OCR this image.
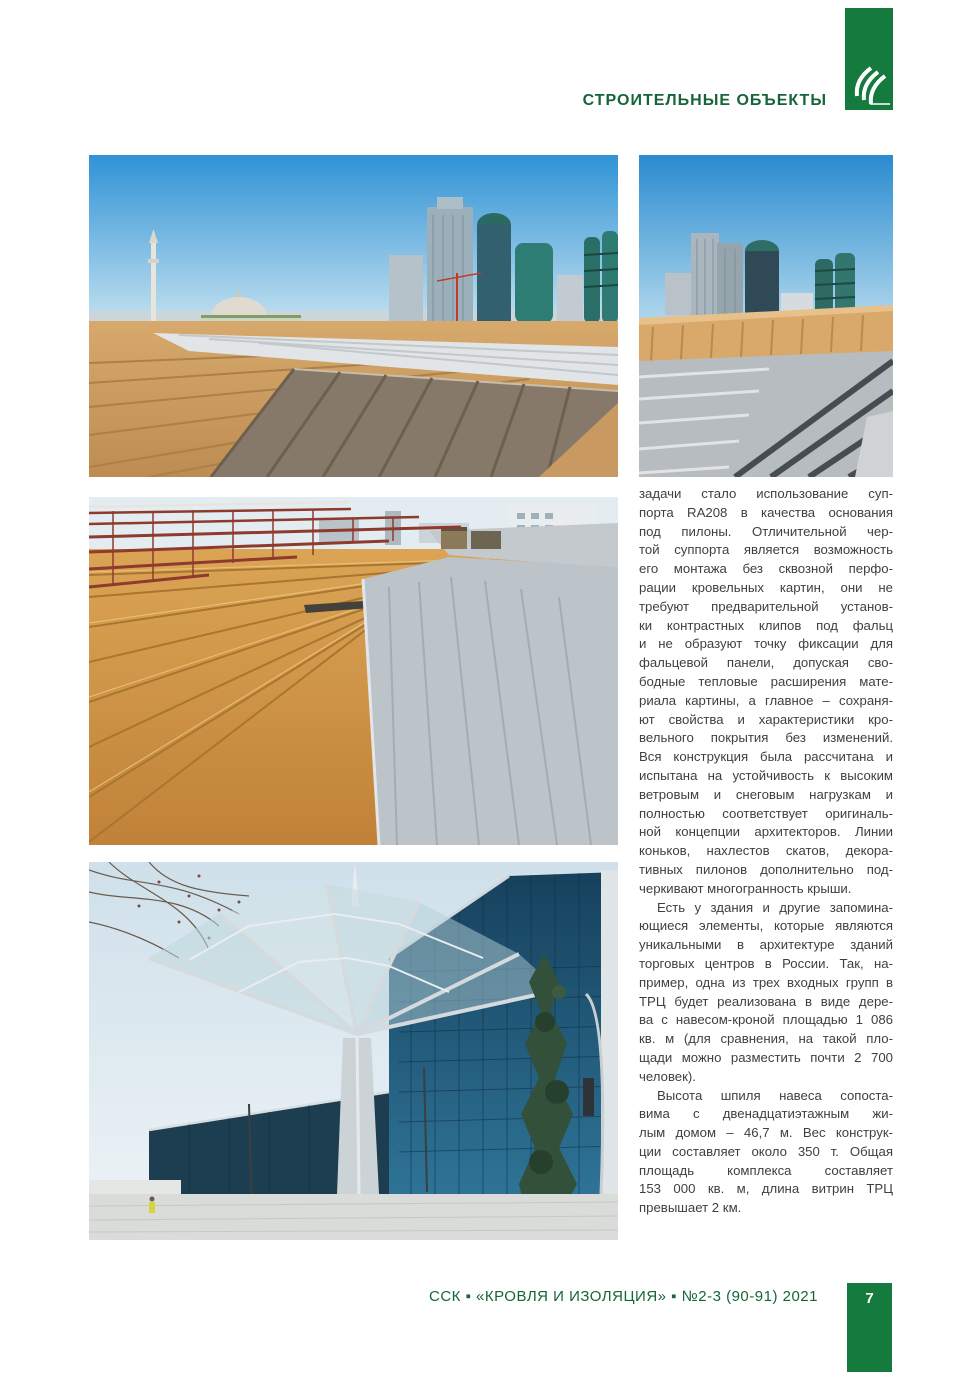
СТРОИТЕЛЬНЫЕ ОБЪЕКТЫ
задачи стало использование суп-
порта RA208 в качества основания
под пилоны. Отличительной чер-
той суппорта является возможность
его монтажа без сквозной перфо-
рации кровельных картин, они не
требуют предварительной установ-
ки контрастных клипов под фальц
и не образуют точку фиксации для
фальцевой панели, допуская сво-
бодные тепловые расширения мате-
риала картины, а главное – сохраня-
ют свойства и характеристики кро-
вельного покрытия без изменений.
Вся конструкция была рассчитана и
испытана на устойчивость к высоким
ветровым и снеговым нагрузкам и
полностью соответствует оригиналь-
ной концепции архитекторов. Линии
коньков, нахлестов скатов, декора-
тивных пилонов дополнительно под-
черкивают многогранность крыши.
Есть у здания и другие запомина-
ющиеся элементы, которые являются
уникальными в архитектуре зданий
торговых центров в России. Так, на-
пример, одна из трех входных групп в
ТРЦ будет реализована в виде дере-
ва с навесом-кроной площадью 1 086
кв. м (для сравнения, на такой пло-
щади можно разместить почти 2 700
человек).
Высота шпиля навеса сопоста-
вима с двенадцатиэтажным жи-
лым домом – 46,7 м. Вес конструк-
ции составляет около 350 т. Общая
площадь комплекса составляет
153 000 кв. м, длина витрин ТРЦ
превышает 2 км.
ССК ▪ «КРОВЛЯ И ИЗОЛЯЦИЯ» ▪ №2-3 (90-91) 2021	7
